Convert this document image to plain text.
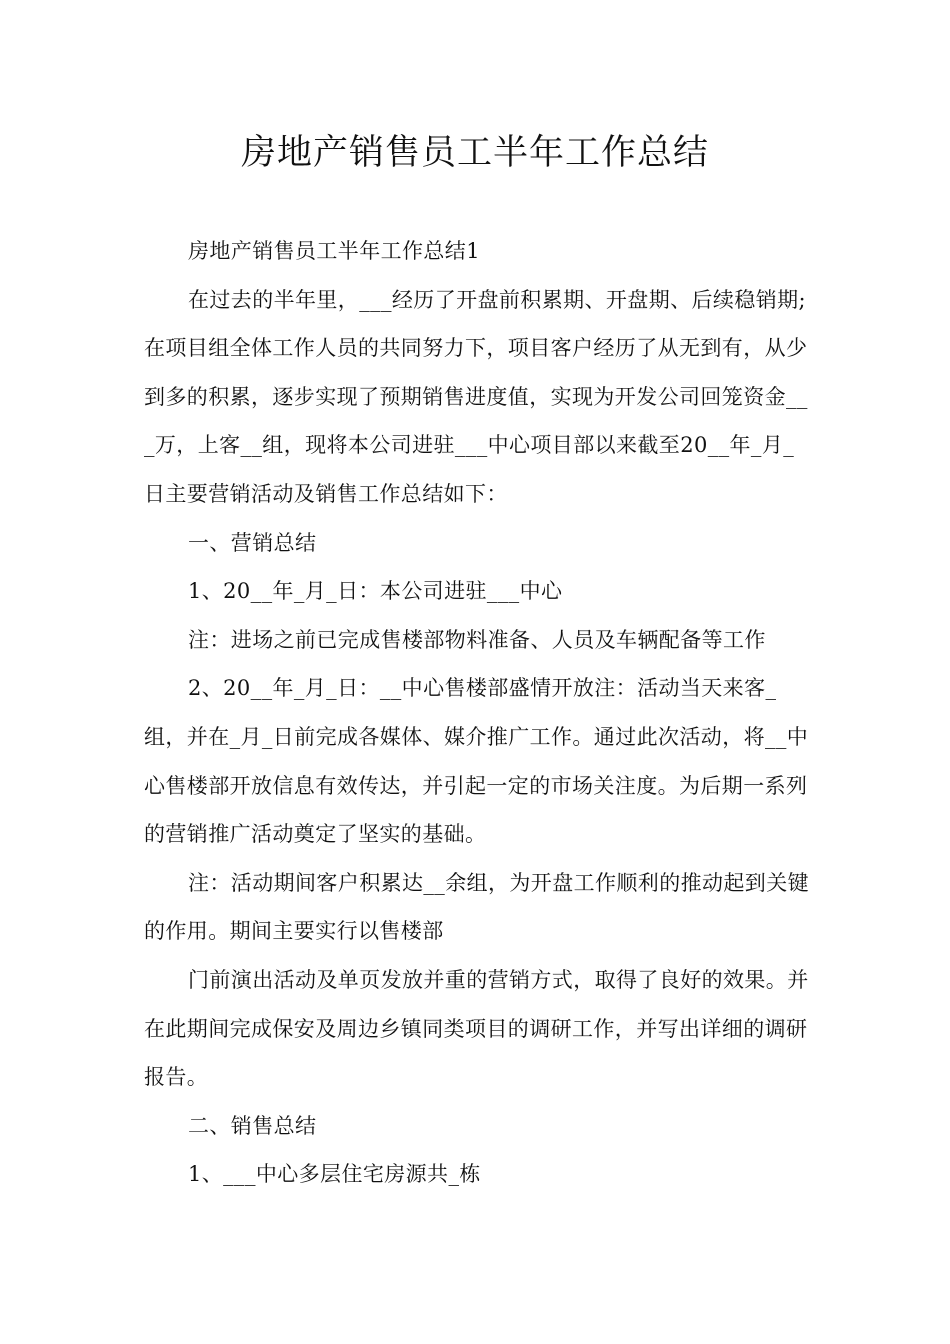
房地产销售员工半年工作总结

房地产销售员工半年工作总结1

在过去的半年里，___经历了开盘前积累期、开盘期、后续稳销期;在项目组全体工作人员的共同努力下，项目客户经历了从无到有，从少到多的积累，逐步实现了预期销售进度值，实现为开发公司回笼资金___万，上客__组，现将本公司进驻___中心项目部以来截至20__年_月_日主要营销活动及销售工作总结如下：

一、营销总结

1、20__年_月_日：本公司进驻___中心

注：进场之前已完成售楼部物料准备、人员及车辆配备等工作

2、20__年_月_日：__中心售楼部盛情开放注：活动当天来客_组，并在_月_日前完成各媒体、媒介推广工作。通过此次活动，将__中心售楼部开放信息有效传达，并引起一定的市场关注度。为后期一系列的营销推广活动奠定了坚实的基础。

注：活动期间客户积累达__余组，为开盘工作顺利的推动起到关键的作用。期间主要实行以售楼部

门前演出活动及单页发放并重的营销方式，取得了良好的效果。并在此期间完成保安及周边乡镇同类项目的调研工作，并写出详细的调研报告。

二、销售总结

1、___中心多层住宅房源共_栋
